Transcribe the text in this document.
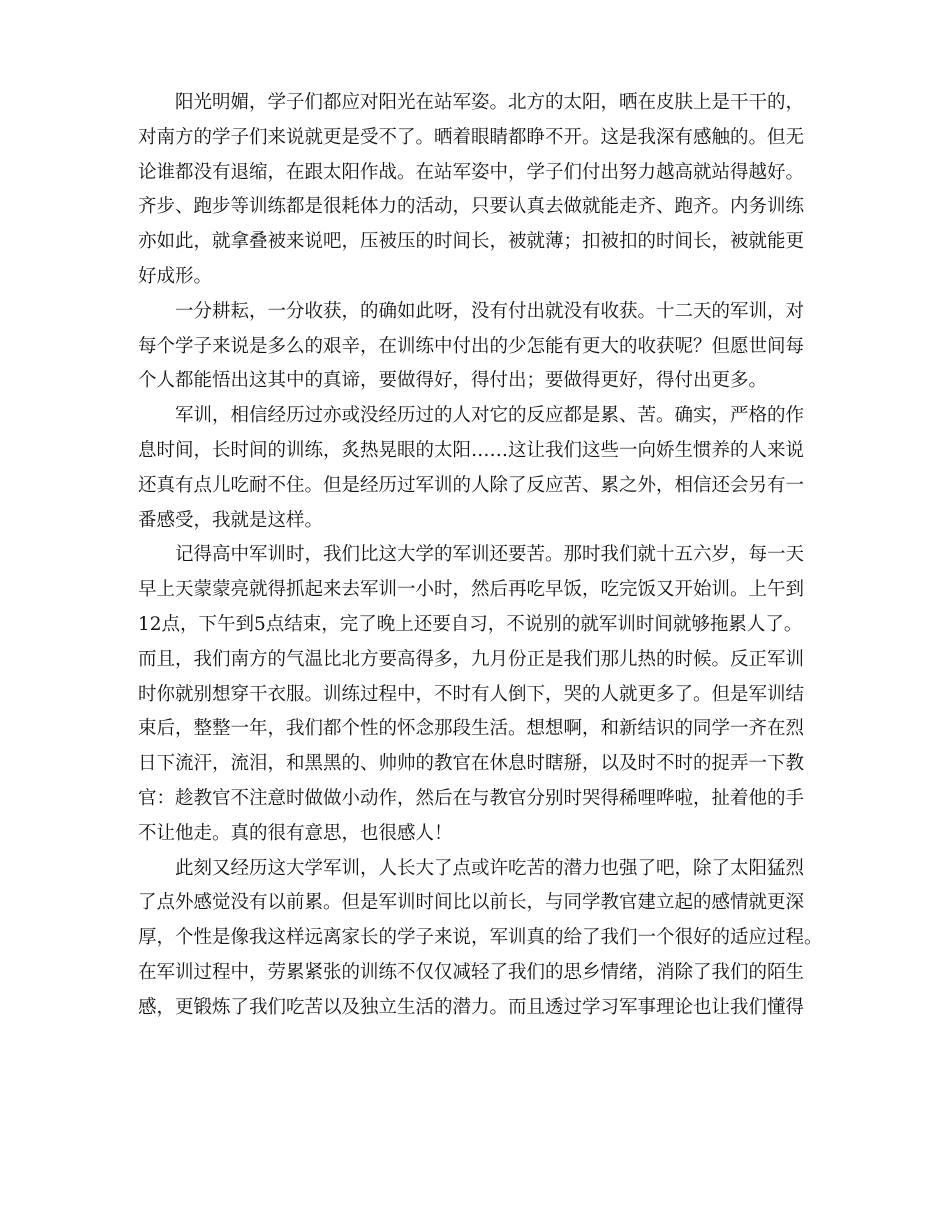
阳光明媚，学子们都应对阳光在站军姿。北方的太阳，晒在皮肤上是干干的，
对南方的学子们来说就更是受不了。晒着眼睛都睁不开。这是我深有感触的。但无
论谁都没有退缩，在跟太阳作战。在站军姿中，学子们付出努力越高就站得越好。
齐步、跑步等训练都是很耗体力的活动，只要认真去做就能走齐、跑齐。内务训练
亦如此，就拿叠被来说吧，压被压的时间长，被就薄；扣被扣的时间长，被就能更
好成形。
一分耕耘，一分收获，的确如此呀，没有付出就没有收获。十二天的军训，对
每个学子来说是多么的艰辛，在训练中付出的少怎能有更大的收获呢？但愿世间每
个人都能悟出这其中的真谛，要做得好，得付出；要做得更好，得付出更多。
军训，相信经历过亦或没经历过的人对它的反应都是累、苦。确实，严格的作
息时间，长时间的训练，炙热晃眼的太阳……这让我们这些一向娇生惯养的人来说
还真有点儿吃耐不住。但是经历过军训的人除了反应苦、累之外，相信还会另有一
番感受，我就是这样。
记得高中军训时，我们比这大学的军训还要苦。那时我们就十五六岁，每一天
早上天蒙蒙亮就得抓起来去军训一小时，然后再吃早饭，吃完饭又开始训。上午到
12点，下午到5点结束，完了晚上还要自习，不说别的就军训时间就够拖累人了。
而且，我们南方的气温比北方要高得多，九月份正是我们那儿热的时候。反正军训
时你就别想穿干衣服。训练过程中，不时有人倒下，哭的人就更多了。但是军训结
束后，整整一年，我们都个性的怀念那段生活。想想啊，和新结识的同学一齐在烈
日下流汗，流泪，和黑黑的、帅帅的教官在休息时瞎掰，以及时不时的捉弄一下教
官：趁教官不注意时做做小动作，然后在与教官分别时哭得稀哩哗啦，扯着他的手
不让他走。真的很有意思，也很感人！
此刻又经历这大学军训，人长大了点或许吃苦的潜力也强了吧，除了太阳猛烈
了点外感觉没有以前累。但是军训时间比以前长，与同学教官建立起的感情就更深
厚，个性是像我这样远离家长的学子来说，军训真的给了我们一个很好的适应过程。
在军训过程中，劳累紧张的训练不仅仅减轻了我们的思乡情绪，消除了我们的陌生
感，更锻炼了我们吃苦以及独立生活的潜力。而且透过学习军事理论也让我们懂得
